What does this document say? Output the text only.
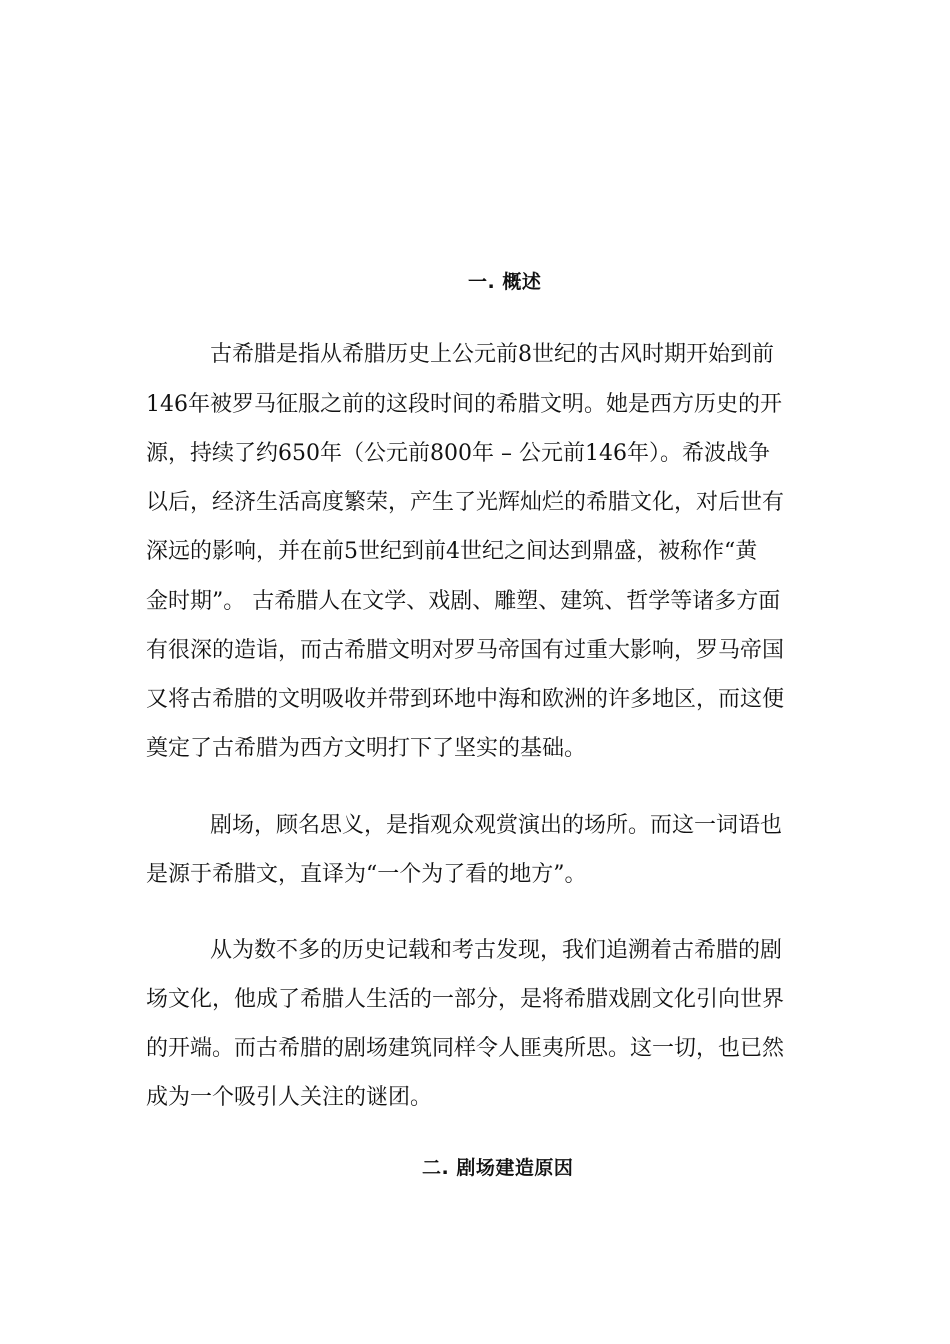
一. 概述
古希腊是指从希腊历史上公元前8世纪的古风时期开始到前
146年被罗马征服之前的这段时间的希腊文明。她是西方历史的开
源，持续了约650年（公元前800年 – 公元前146年）。希波战争
以后，经济生活高度繁荣，产生了光辉灿烂的希腊文化，对后世有
深远的影响，并在前5世纪到前4世纪之间达到鼎盛，被称作“黄
金时期”。 古希腊人在文学、戏剧、雕塑、建筑、哲学等诸多方面
有很深的造诣，而古希腊文明对罗马帝国有过重大影响，罗马帝国
又将古希腊的文明吸收并带到环地中海和欧洲的许多地区，而这便
奠定了古希腊为西方文明打下了坚实的基础。
剧场，顾名思义，是指观众观赏演出的场所。而这一词语也
是源于希腊文，直译为“一个为了看的地方”。
从为数不多的历史记载和考古发现，我们追溯着古希腊的剧
场文化，他成了希腊人生活的一部分，是将希腊戏剧文化引向世界
的开端。而古希腊的剧场建筑同样令人匪夷所思。这一切，也已然
成为一个吸引人关注的谜团。
二. 剧场建造原因
